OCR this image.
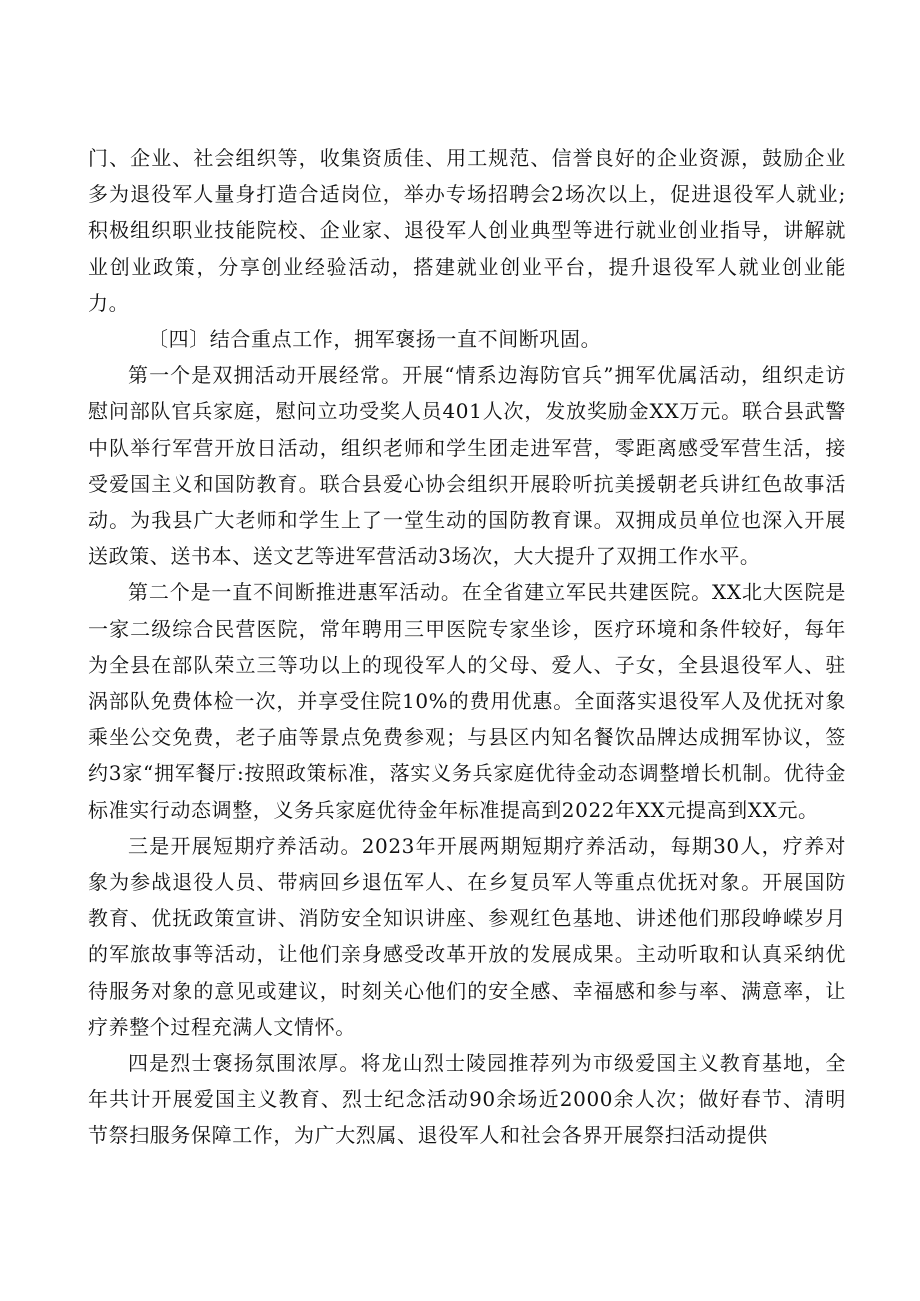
门、企业、社会组织等，收集资质佳、用工规范、信誉良好的企业资源，鼓励企业多为退役军人量身打造合适岗位，举办专场招聘会2场次以上，促进退役军人就业;积极组织职业技能院校、企业家、退役军人创业典型等进行就业创业指导，讲解就业创业政策，分享创业经验活动，搭建就业创业平台，提升退役军人就业创业能力。

〔四〕结合重点工作，拥军褒扬一直不间断巩固。

第一个是双拥活动开展经常。开展“情系边海防官兵”拥军优属活动，组织走访慰问部队官兵家庭，慰问立功受奖人员401人次，发放奖励金XX万元。联合县武警中队举行军营开放日活动，组织老师和学生团走进军营，零距离感受军营生活，接受爱国主义和国防教育。联合县爱心协会组织开展聆听抗美援朝老兵讲红色故事活动。为我县广大老师和学生上了一堂生动的国防教育课。双拥成员单位也深入开展送政策、送书本、送文艺等进军营活动3场次，大大提升了双拥工作水平。

第二个是一直不间断推进惠军活动。在全省建立军民共建医院。XX北大医院是一家二级综合民营医院，常年聘用三甲医院专家坐诊，医疗环境和条件较好，每年为全县在部队荣立三等功以上的现役军人的父母、爱人、子女，全县退役军人、驻涡部队免费体检一次，并享受住院10%的费用优惠。全面落实退役军人及优抚对象乘坐公交免费，老子庙等景点免费参观；与县区内知名餐饮品牌达成拥军协议，签约3家“拥军餐厅:按照政策标准，落实义务兵家庭优待金动态调整增长机制。优待金标准实行动态调整，义务兵家庭优待金年标准提高到2022年XX元提高到XX元。

三是开展短期疗养活动。2023年开展两期短期疗养活动，每期30人，疗养对象为参战退役人员、带病回乡退伍军人、在乡复员军人等重点优抚对象。开展国防教育、优抚政策宣讲、消防安全知识讲座、参观红色基地、讲述他们那段峥嵘岁月的军旅故事等活动，让他们亲身感受改革开放的发展成果。主动听取和认真采纳优待服务对象的意见或建议，时刻关心他们的安全感、幸福感和参与率、满意率，让疗养整个过程充满人文情怀。

四是烈士褒扬氛围浓厚。将龙山烈士陵园推荐列为市级爱国主义教育基地，全年共计开展爱国主义教育、烈士纪念活动90余场近2000余人次；做好春节、清明节祭扫服务保障工作，为广大烈属、退役军人和社会各界开展祭扫活动提供
